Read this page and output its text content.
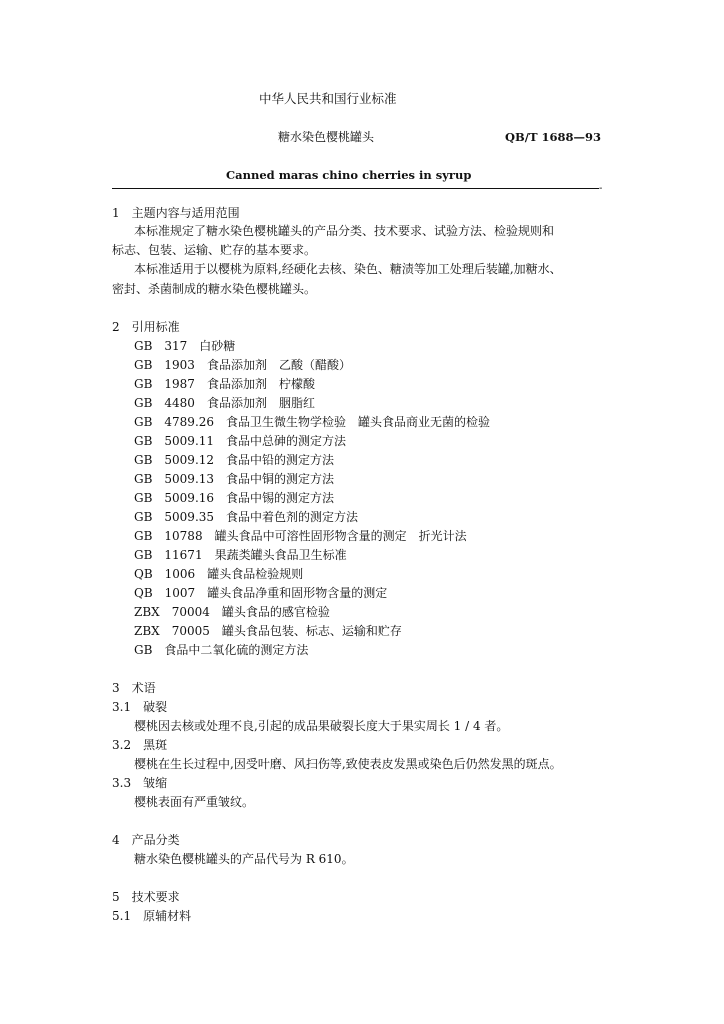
中华人民共和国行业标准
糖水染色樱桃罐头	QB/T 1688—93
Canned maras chino cherries in syrup
-
1　主题内容与适用范围
本标准规定了糖水染色樱桃罐头的产品分类、技术要求、试验方法、检验规则和
标志、包装、运输、贮存的基本要求。
本标准适用于以樱桃为原料,经硬化去核、染色、糖渍等加工处理后装罐,加糖水、
密封、杀菌制成的糖水染色樱桃罐头。
2　引用标准
GB　317　白砂糖
GB　1903　食品添加剂　乙酸（醋酸）
GB　1987　食品添加剂　柠檬酸
GB　4480　食品添加剂　胭脂红
GB　4789.26　食品卫生微生物学检验　罐头食品商业无菌的检验
GB　5009.11　食品中总砷的测定方法
GB　5009.12　食品中铅的测定方法
GB　5009.13　食品中铜的测定方法
GB　5009.16　食品中锡的测定方法
GB　5009.35　食品中着色剂的测定方法
GB　10788　罐头食品中可溶性固形物含量的测定　折光计法
GB　11671　果蔬类罐头食品卫生标准
QB　1006　罐头食品检验规则
QB　1007　罐头食品净重和固形物含量的测定
ZBX　70004　罐头食品的感官检验
ZBX　70005　罐头食品包装、标志、运输和贮存
GB　食品中二氧化硫的测定方法
3　术语
3.1　破裂
樱桃因去核或处理不良,引起的成品果破裂长度大于果实周长 1 / 4 者。
3.2　黑斑
樱桃在生长过程中,因受叶磨、风扫伤等,致使表皮发黑或染色后仍然发黑的斑点。
3.3　皱缩
樱桃表面有严重皱纹。
4　产品分类
糖水染色樱桃罐头的产品代号为 R 610。
5　技术要求
5.1　原辅材料
